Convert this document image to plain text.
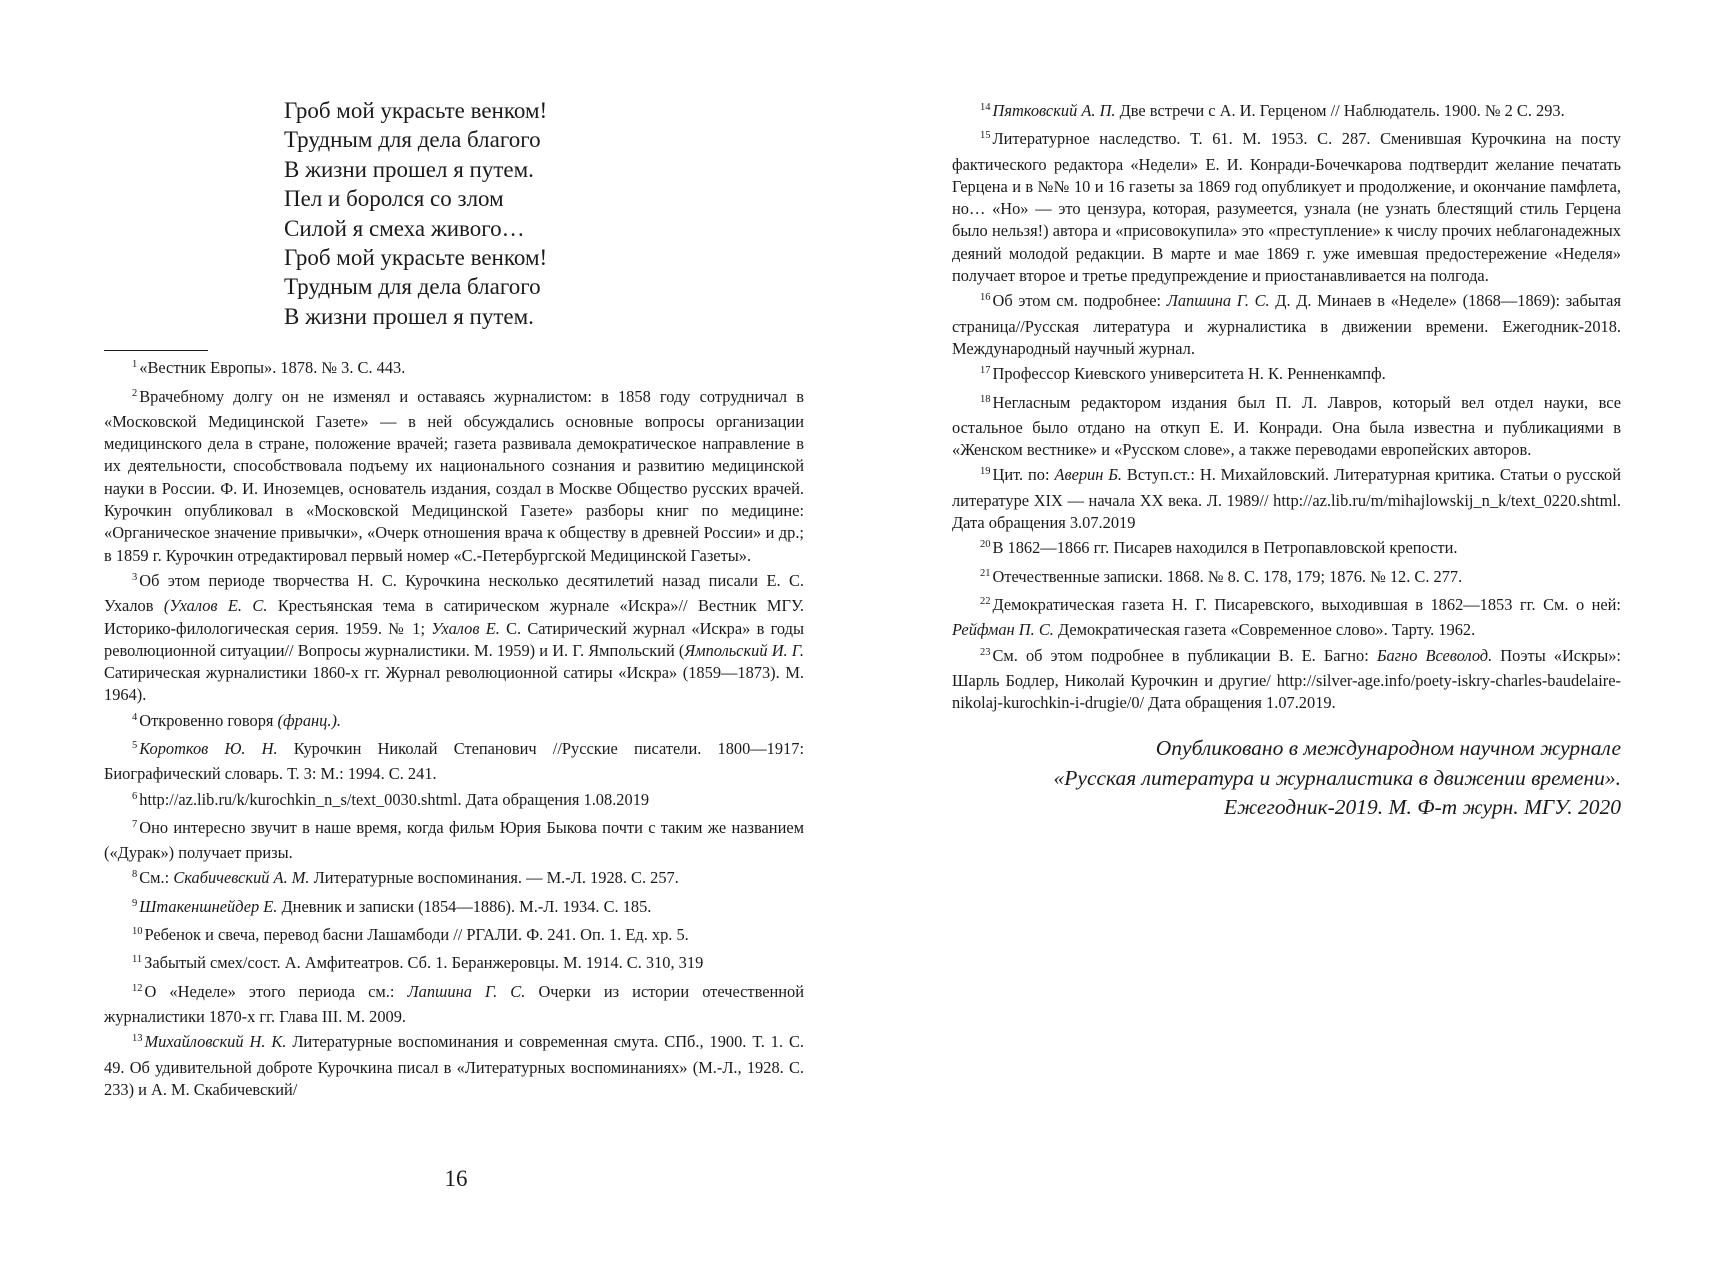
Гроб мой украсьте венком!
Трудным для дела благого
В жизни прошел я путем.
Пел и боролся со злом
Силой я смеха живого…
Гроб мой украсьте венком!
Трудным для дела благого
В жизни прошел я путем.

$^1$ «Вестник Европы». 1878. № 3. С. 443.

$^2$ Врачебному долгу он не изменял и оставаясь журналистом: в 1858 году сотрудничал в «Московской Медицинской Газете» — в ней обсуждались основные вопросы организации медицинского дела в стране, положение врачей; газета развивала демократическое направление в их деятельности, способствовала подъему их национального сознания и развитию медицинской науки в России. Ф. И. Иноземцев, основатель издания, создал в Москве Общество русских врачей. Курочкин опубликовал в «Московской Медицинской Газете» разборы книг по медицине: «Органическое значение привычки», «Очерк отношения врача к обществу в древней России» и др.; в 1859 г. Курочкин отредактировал первый номер «С.-Петербургской Медицинской Газеты».

$^3$ Об этом периоде творчества Н. С. Курочкина несколько десятилетий назад писали Е. С. Ухалов (Ухалов Е. С. Крестьянская тема в сатирическом журнале «Искра»// Вестник МГУ. Историко-филологическая серия. 1959. № 1; Ухалов Е. С. Сатирический журнал «Искра» в годы революционной ситуации// Вопросы журналистики. М. 1959) и И. Г. Ямпольский (Ямпольский И. Г. Сатирическая журналистики 1860-х гг. Журнал революционной сатиры «Искра» (1859—1873). М. 1964).

$^4$ Откровенно говоря (франц.).

$^5$ Коротков Ю. Н. Курочкин Николай Степанович //Русские писатели. 1800—1917: Биографический словарь. Т. 3: М.: 1994. С. 241.

$^6$ http://az.lib.ru/k/kurochkin_n_s/text_0030.shtml. Дата обращения 1.08.2019

$^7$ Оно интересно звучит в наше время, когда фильм Юрия Быкова почти с таким же названием («Дурак») получает призы.

$^8$ См.: Скабичевский А. М. Литературные воспоминания. — М.-Л. 1928. С. 257.

$^9$ Штакеншнейдер Е. Дневник и записки (1854—1886). М.-Л. 1934. С. 185.

$^{10}$ Ребенок и свеча, перевод басни Лашамбоди // РГАЛИ. Ф. 241. Оп. 1. Ед. хр. 5.

$^{11}$ Забытый смех/сост. А. Амфитеатров. Сб. 1. Беранжеровцы. М. 1914. С. 310, 319

$^{12}$ О «Неделе» этого периода см.: Лапшина Г. С. Очерки из истории отечественной журналистики 1870-х гг. Глава III. М. 2009.

$^{13}$ Михайловский Н. К. Литературные воспоминания и современная смута. СПб., 1900. Т. 1. С. 49. Об удивительной доброте Курочкина писал в «Литературных воспоминаниях» (М.-Л., 1928. С. 233) и А. М. Скабичевский/

$^{14}$ Пятковский А. П. Две встречи с А. И. Герценом // Наблюдатель. 1900. № 2 С. 293.

$^{15}$ Литературное наследство. Т. 61. М. 1953. С. 287. Сменившая Курочкина на посту фактического редактора «Недели» Е. И. Конради-Бочечкарова подтвердит желание печатать Герцена и в №№ 10 и 16 газеты за 1869 год опубликует и продолжение, и окончание памфлета, но… «Но» — это цензура, которая, разумеется, узнала (не узнать блестящий стиль Герцена было нельзя!) автора и «присовокупила» это «преступление» к числу прочих неблагонадежных деяний молодой редакции. В марте и мае 1869 г. уже имевшая предостережение «Неделя» получает второе и третье предупреждение и приостанавливается на полгода.

$^{16}$ Об этом см. подробнее: Лапшина Г. С. Д. Д. Минаев в «Неделе» (1868—1869): забытая страница//Русская литература и журналистика в движении времени. Ежегодник-2018. Международный научный журнал.

$^{17}$ Профессор Киевского университета Н. К. Ренненкампф.

$^{18}$ Негласным редактором издания был П. Л. Лавров, который вел отдел науки, все остальное было отдано на откуп Е. И. Конради. Она была известна и публикациями в «Женском вестнике» и «Русском слове», а также переводами европейских авторов.

$^{19}$ Цит. по: Аверин Б. Вступ.ст.: Н. Михайловский. Литературная критика. Статьи о русской литературе XIX — начала XX века. Л. 1989// http://az.lib.ru/m/mihajlowskij_n_k/text_0220.shtml. Дата обращения 3.07.2019

$^{20}$ В 1862—1866 гг. Писарев находился в Петропавловской крепости.

$^{21}$ Отечественные записки. 1868. № 8. С. 178, 179; 1876. № 12. С. 277.

$^{22}$ Демократическая газета Н. Г. Писаревского, выходившая в 1862—1853 гг. См. о ней: Рейфман П. С. Демократическая газета «Современное слово». Тарту. 1962.

$^{23}$ См. об этом подробнее в публикации В. Е. Багно: Багно Всеволод. Поэты «Искры»: Шарль Бодлер, Николай Курочкин и другие/ http://silver-age.info/poety-iskry-charles-baudelaire-nikolaj-kurochkin-i-drugie/0/ Дата обращения 1.07.2019.

Опубликовано в международном научном журнале
«Русская литература и журналистика в движении времени».
Ежегодник-2019. М. Ф-т журн. МГУ. 2020
16
